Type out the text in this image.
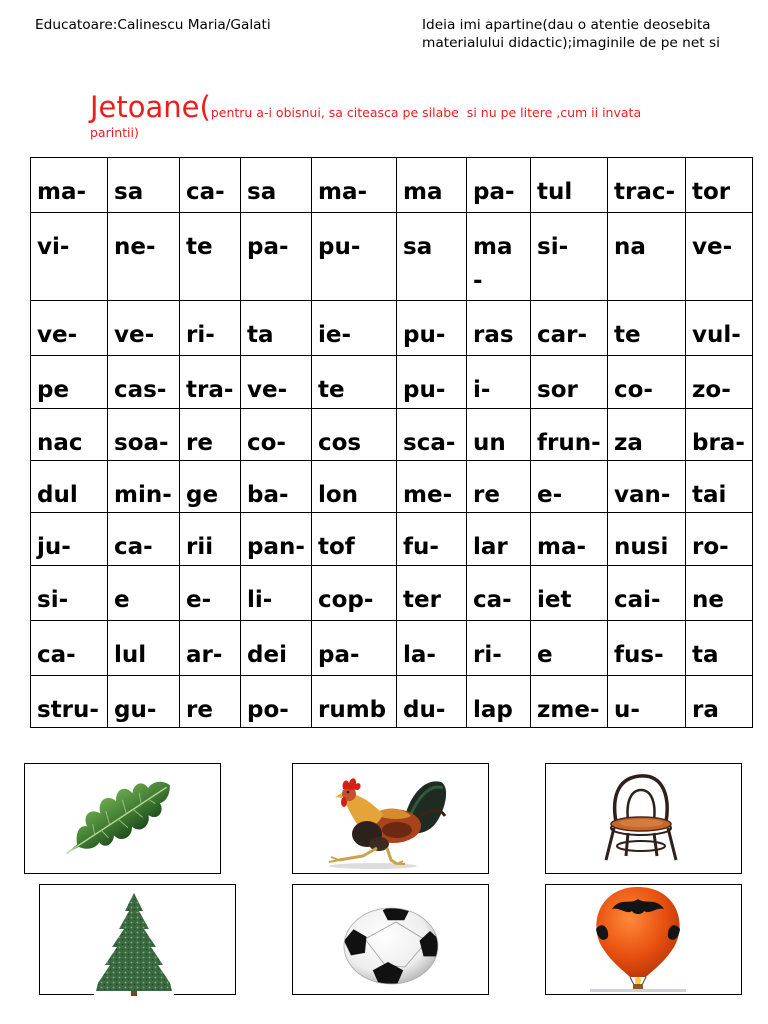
Educatoare:Calinescu Maria/Galati	Ideia imi apartine(dau o atentie deosebita
materialului didactic);imaginile de pe net si
Jetoane(pentru a-i obisnui, sa citeasca pe silabe  si nu pe litere ,cum ii invata parintii)
ma-	sa	ca-	sa	ma-	ma	pa-	tul	trac-	tor
vi-	ne-	te	pa-	pu-	sa	ma -	si-	na	ve-
ve-	ve-	ri-	ta	ie-	pu-	ras	car-	te	vul-
pe	cas-	tra-	ve-	te	pu-	i-	sor	co-	zo-
nac	soa-	re	co-	cos	sca-	un	frun-	za	bra-
dul	min-	ge	ba-	lon	me-	re	e-	van-	tai
ju-	ca-	rii	pan-	tof	fu-	lar	ma-	nusi	ro-
si-	e	e-	li-	cop-	ter	ca-	iet	cai-	ne
ca-	lul	ar-	dei	pa-	la-	ri-	e	fus-	ta
stru-	gu-	re	po-	rumb	du-	lap	zme-	u-	ra
